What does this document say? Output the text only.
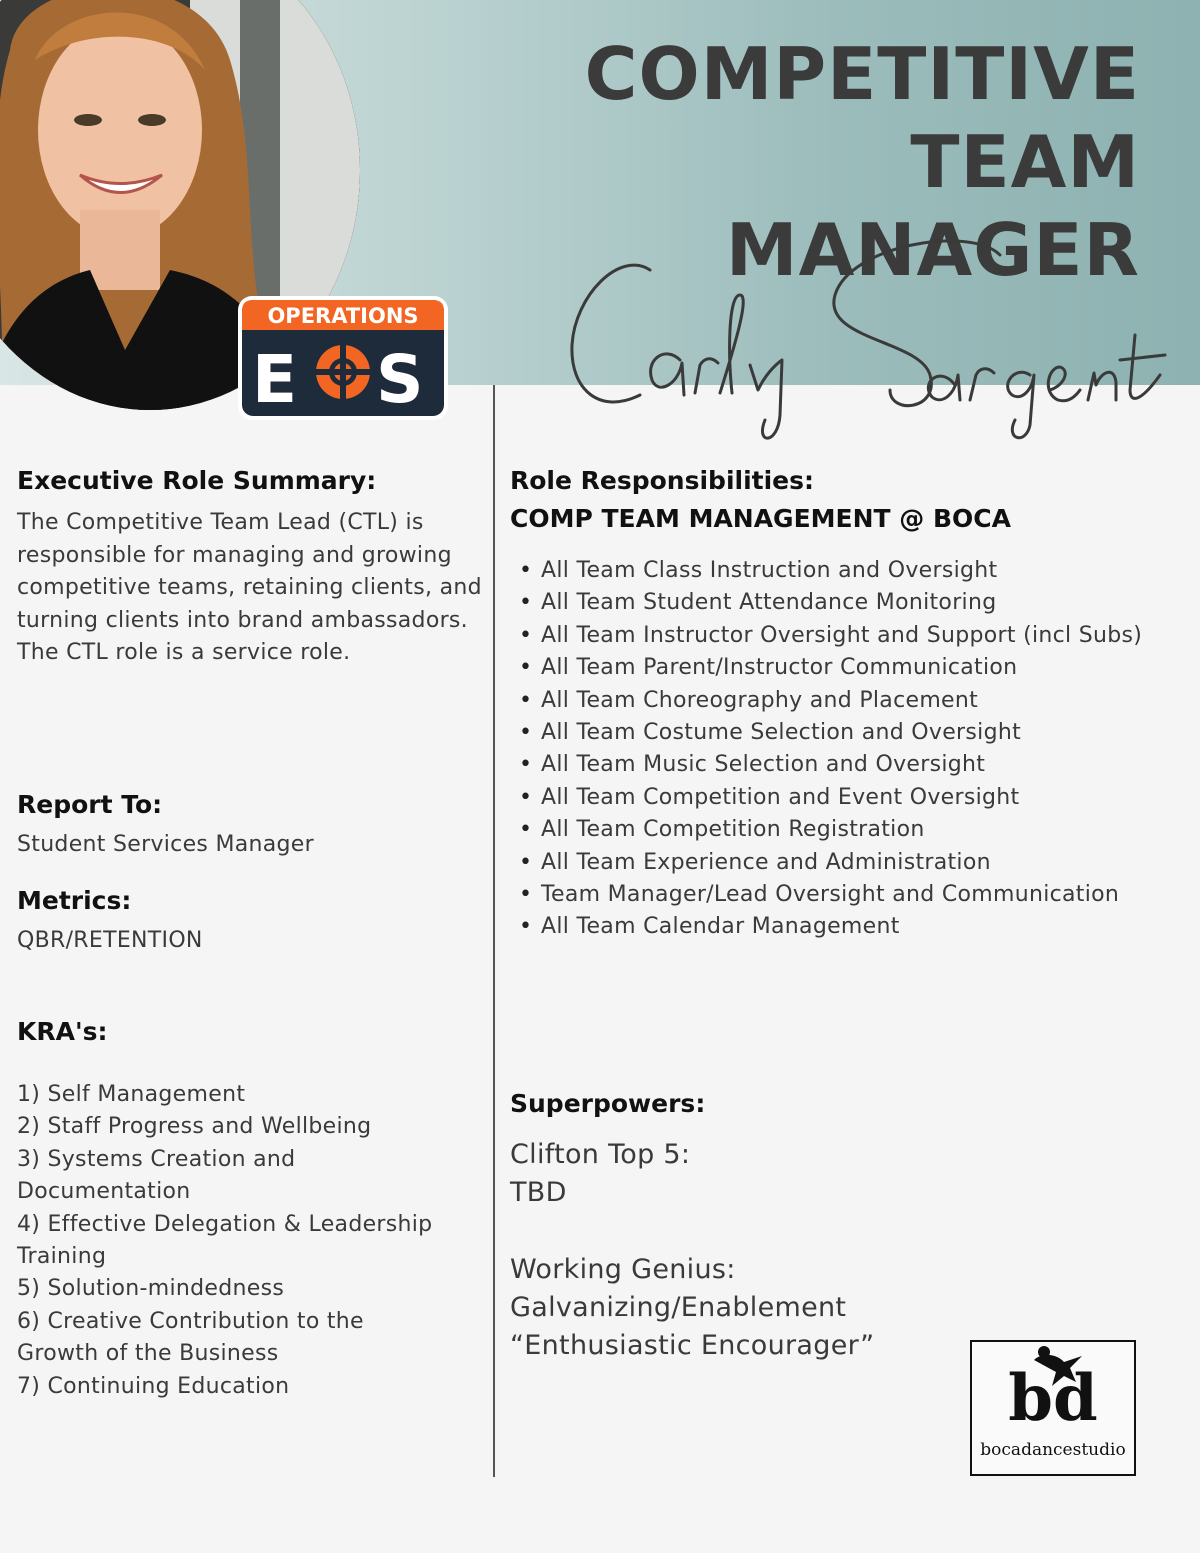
OPERATIONS
E S
COMPETITIVE TEAM
MANAGER
Executive Role Summary:

The Competitive Team Lead (CTL) is responsible for managing and growing competitive teams, retaining clients, and turning clients into brand ambassadors. The CTL role is a service role.

Report To:

Student Services Manager

Metrics:

QBR/RETENTION

KRA's:
1) Self Management
2) Staff Progress and Wellbeing
3) Systems Creation and Documentation
4) Effective Delegation & Leadership Training
5) Solution-mindedness
6) Creative Contribution to the Growth of the Business
7) Continuing Education
Role Responsibilities:
COMP TEAM MANAGEMENT @ BOCA
• All Team Class Instruction and Oversight
• All Team Student Attendance Monitoring
• All Team Instructor Oversight and Support (incl Subs)
• All Team Parent/Instructor Communication
• All Team Choreography and Placement
• All Team Costume Selection and Oversight
• All Team Music Selection and Oversight
• All Team Competition and Event Oversight
• All Team Competition Registration
• All Team Experience and Administration
• Team Manager/Lead Oversight and Communication
• All Team Calendar Management
Superpowers:

Clifton Top 5:

TBD

Working Genius:

Galvanizing/Enablement

“Enthusiastic Encourager”

bd
bocadancestudio
